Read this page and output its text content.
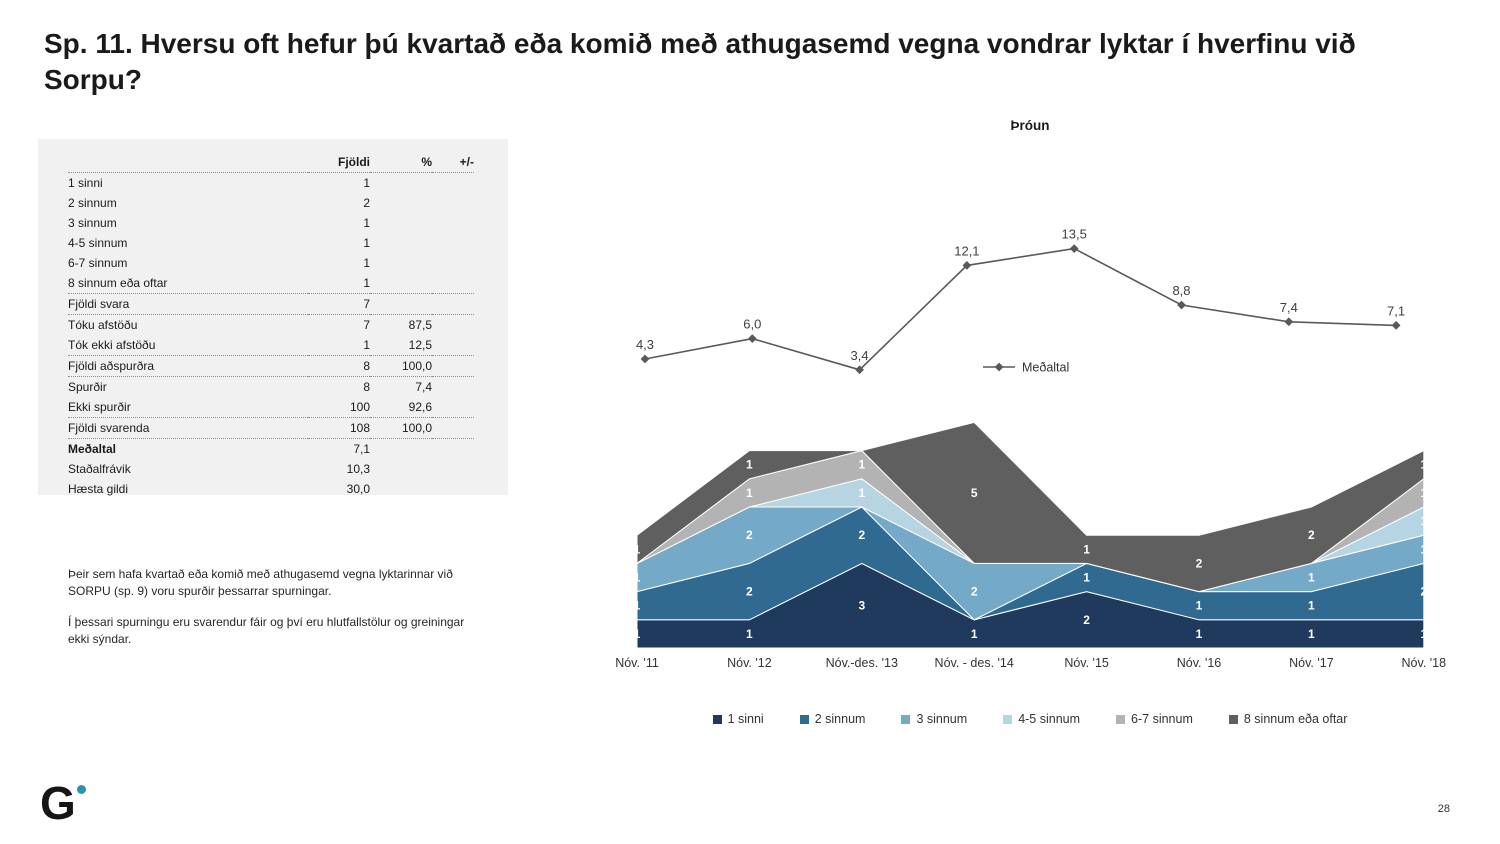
Sp. 11. Hversu oft hefur þú kvartað eða komið með athugasemd vegna vondrar lyktar í hverfinu við Sorpu?
	Fjöldi	%	+/-
1 sinni	1		
2 sinnum	2		
3 sinnum	1		
4-5 sinnum	1		
6-7 sinnum	1		
8 sinnum eða oftar	1		
Fjöldi svara	7		
Tóku afstöðu	7	87,5	
Tók ekki afstöðu	1	12,5	
Fjöldi aðspurðra	8	100,0	
Spurðir	8	7,4	
Ekki spurðir	100	92,6	
Fjöldi svarenda	108	100,0	
Meðaltal	7,1		
Staðalfrávik	10,3		
Hæsta gildi	30,0		

Þeir sem hafa kvartað eða komið með athugasemd vegna lyktarinnar við SORPU (sp. 9) voru spurðir þessarrar spurningar.

Í þessari spurningu eru svarendur fáir og því eru hlutfallstölur og greiningar ekki sýndar.

Þróun
4,3
6,0
3,4
12,1
13,5
8,8
7,4	7,1
Meðaltal
1	1
3
1
2
1	1	1
1
2
2
1
1	1
2
1
2
2
1
1
1
1
1
1
1
1
1
5
1
2
2
1
Nóv. '11	Nóv. '12	Nóv.-des. '13	Nóv. - des. '14	Nóv. '15	Nóv. '16	Nóv. '17	Nóv. '18
1 sinni	2 sinnum	3 sinnum	4-5 sinnum	6-7 sinnum	8 sinnum eða oftar
G	28
